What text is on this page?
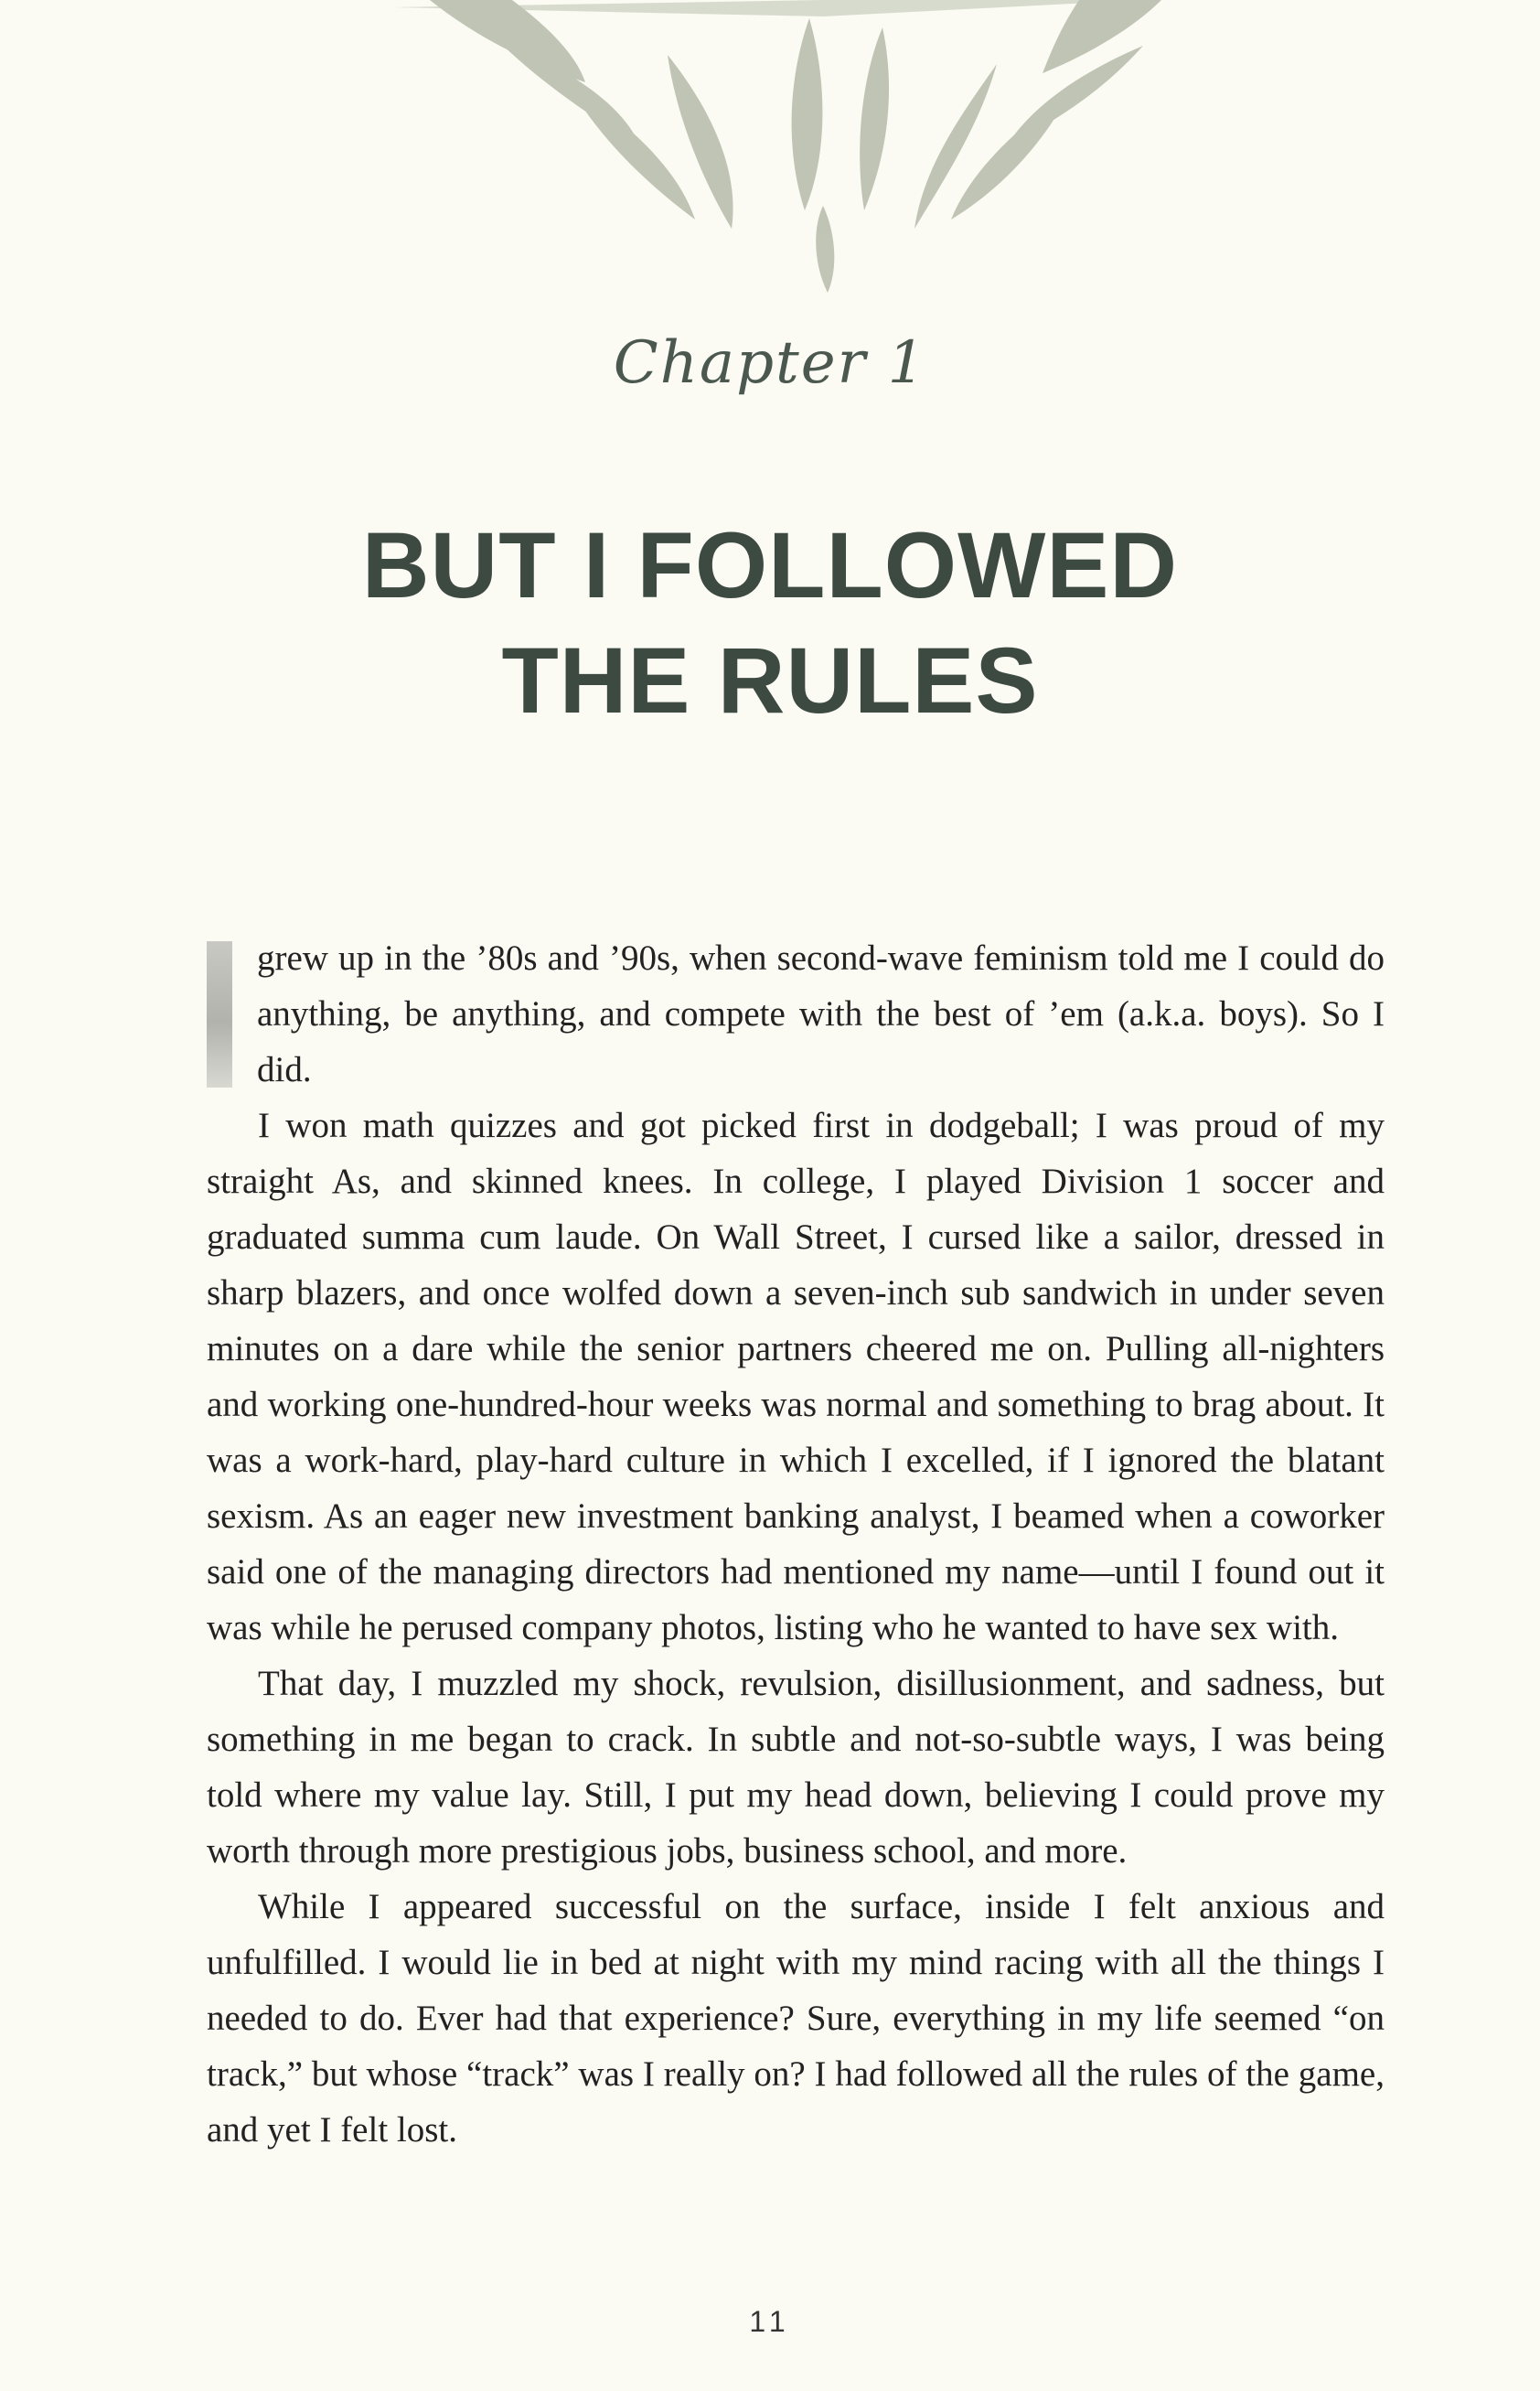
Chapter 1
BUT I FOLLOWED
THE RULES

grew up in the ’80s and ’90s, when second-wave feminism told me I could do anything, be anything, and compete with the best of ’em (a.k.a. boys). So I did.

I won math quizzes and got picked first in dodgeball; I was proud of my straight As, and skinned knees. In college, I played Division 1 soccer and graduated summa cum laude. On Wall Street, I cursed like a sailor, dressed in sharp blazers, and once wolfed down a seven-inch sub sandwich in under seven minutes on a dare while the senior partners cheered me on. Pulling all-nighters and working one-hundred-hour weeks was normal and something to brag about. It was a work-hard, play-hard culture in which I excelled, if I ignored the blatant sexism. As an eager new investment banking analyst, I beamed when a coworker said one of the managing directors had mentioned my name—until I found out it was while he perused company photos, listing who he wanted to have sex with.

That day, I muzzled my shock, revulsion, disillusionment, and sadness, but something in me began to crack. In subtle and not-so-subtle ways, I was being told where my value lay. Still, I put my head down, believing I could prove my worth through more prestigious jobs, business school, and more.

While I appeared successful on the surface, inside I felt anxious and unfulfilled. I would lie in bed at night with my mind racing with all the things I needed to do. Ever had that experience? Sure, everything in my life seemed “on track,” but whose “track” was I really on? I had followed all the rules of the game, and yet I felt lost.

11
